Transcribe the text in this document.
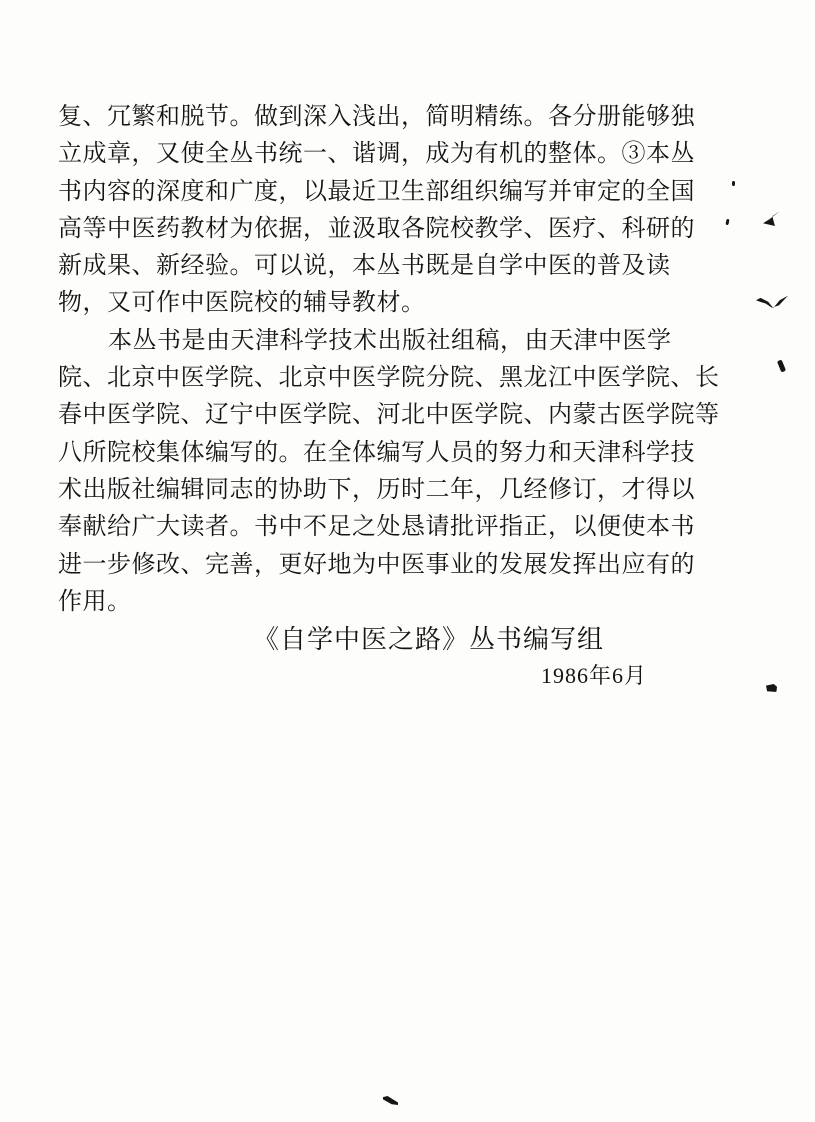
复、冗繁和脱节。做到深入浅出，简明精练。各分册能够独
立成章，又使全丛书统一、谐调，成为有机的整体。③本丛
书内容的深度和广度，以最近卫生部组织编写并审定的全国
高等中医药教材为依据，並汲取各院校教学、医疗、科研的
新成果、新经验。可以说，本丛书既是自学中医的普及读
物，又可作中医院校的辅导教材。
本丛书是由天津科学技术出版社组稿，由天津中医学
院、北京中医学院、北京中医学院分院、黑龙江中医学院、长
春中医学院、辽宁中医学院、河北中医学院、内蒙古医学院等
八所院校集体编写的。在全体编写人员的努力和天津科学技
术出版社编辑同志的协助下，历时二年，几经修订，才得以
奉献给广大读者。书中不足之处恳请批评指正，以便使本书
进一步修改、完善，更好地为中医事业的发展发挥出应有的
作用。
《自学中医之路》丛书编写组
1986年6月
